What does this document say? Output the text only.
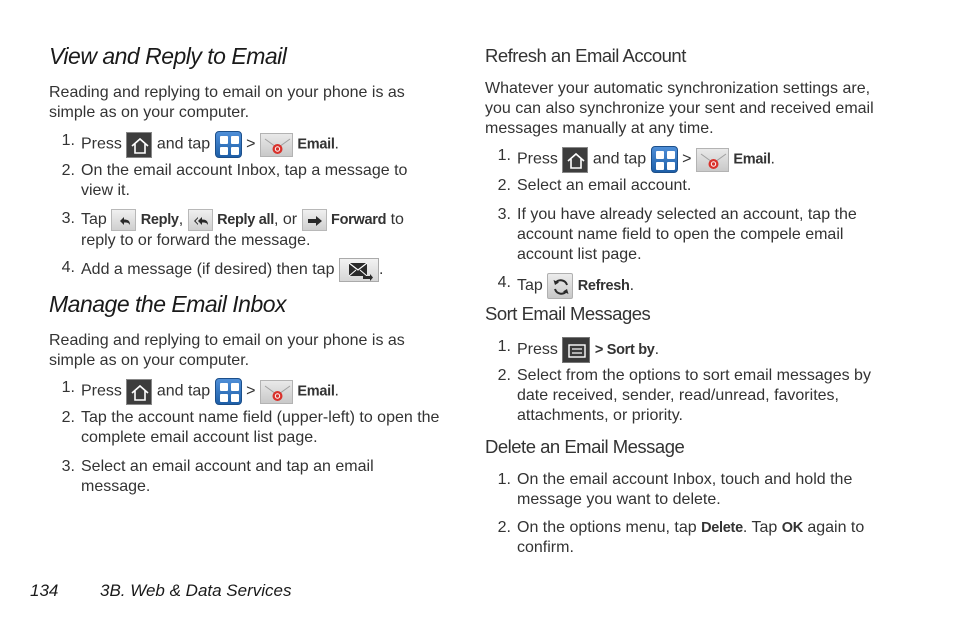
View and Reply to Email

Reading and replying to email on your phone is as simple as on your computer.

1. Press and tap >	Email.
2. On the email account Inbox, tap a message to view it.
3. Tap Reply, Reply all, or Forward to reply to or forward the message.
4. Add a message (if desired) then tap	.
Manage the Email Inbox

Reading and replying to email on your phone is as simple as on your computer.

1. Press and tap >	Email.
2. Tap the account name field (upper-left) to open the complete email account list page.
3. Select an email account and tap an email message.
Refresh an Email Account

Whatever your automatic synchronization settings are, you can also synchronize your sent and received email messages manually at any time.

1. Press and tap >	Email.
2. Select an email account.
3. If you have already selected an account, tap the account name field to open the compele email account list page.
4. Tap Refresh.
Sort Email Messages
1. Press	> Sort by.
2. Select from the options to sort email messages by date received, sender, read/unread, favorites, attachments, or priority.
Delete an Email Message
1. On the email account Inbox, touch and hold the message you want to delete.
2. On the options menu, tap Delete. Tap OK again to confirm.
134 3B. Web & Data Services
